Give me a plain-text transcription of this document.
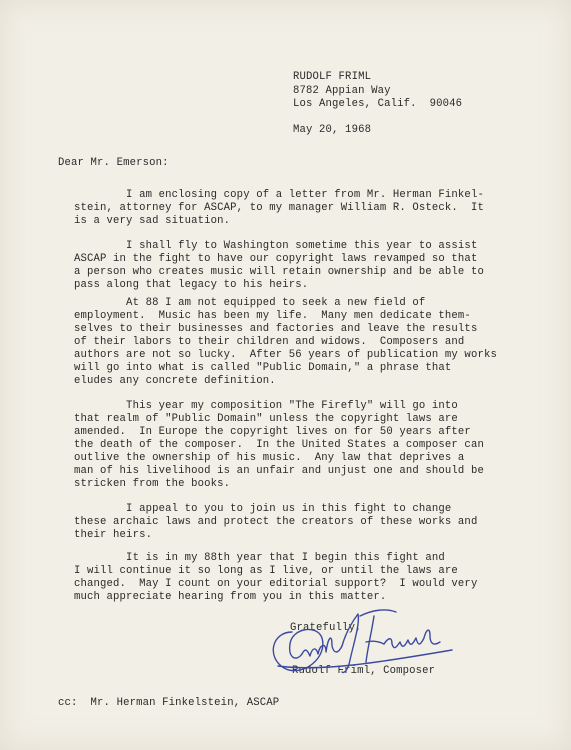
RUDOLF FRIML
8782 Appian Way
Los Angeles, Calif.  90046
May 20, 1968
Dear Mr. Emerson:
I am enclosing copy of a letter from Mr. Herman Finkel-
stein, attorney for ASCAP, to my manager William R. Osteck.  It
is a very sad situation.
I shall fly to Washington sometime this year to assist
ASCAP in the fight to have our copyright laws revamped so that
a person who creates music will retain ownership and be able to
pass along that legacy to his heirs.
At 88 I am not equipped to seek a new field of
employment.  Music has been my life.  Many men dedicate them-
selves to their businesses and factories and leave the results
of their labors to their children and widows.  Composers and
authors are not so lucky.  After 56 years of publication my works
will go into what is called "Public Domain," a phrase that
eludes any concrete definition.
This year my composition "The Firefly" will go into
that realm of "Public Domain" unless the copyright laws are
amended.  In Europe the copyright lives on for 50 years after
the death of the composer.  In the United States a composer can
outlive the ownership of his music.  Any law that deprives a
man of his livelihood is an unfair and unjust one and should be
stricken from the books.
I appeal to you to join us in this fight to change
these archaic laws and protect the creators of these works and
their heirs.
It is in my 88th year that I begin this fight and
I will continue it so long as I live, or until the laws are
changed.  May I count on your editorial support?  I would very
much appreciate hearing from you in this matter.
Gratefully,
Rudolf Friml, Composer
cc:  Mr. Herman Finkelstein, ASCAP
